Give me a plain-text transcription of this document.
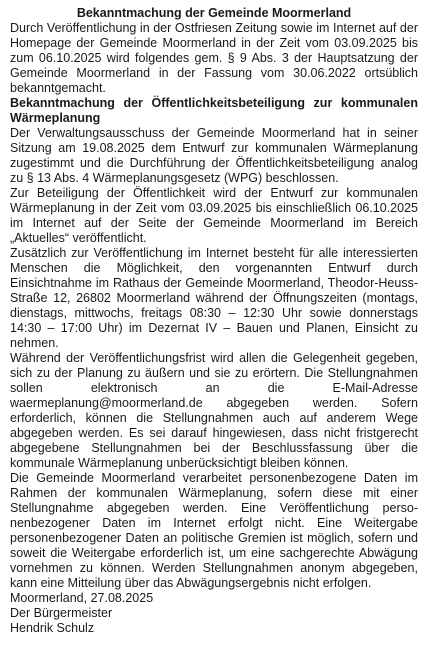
Bekanntmachung der Gemeinde Moormerland

Durch Veröffentlichung in der Ostfriesen Zeitung sowie im Internet auf der Homepage der Gemeinde Moormerland in der Zeit vom 03.09.2025 bis zum 06.10.2025 wird folgendes gem. § 9 Abs. 3 der Hauptsatzung der Gemeinde Moormerland in der Fassung vom 30.06.2022 ortsüblich bekanntgemacht.

Bekanntmachung der Öffentlichkeitsbeteiligung zur kommunalen Wärmeplanung

Der Verwaltungsausschuss der Gemeinde Moormerland hat in seiner Sitzung am 19.08.2025 dem Entwurf zur kommunalen Wärmeplanung zugestimmt und die Durchführung der Öffentlichkeitsbeteiligung analog zu § 13 Abs. 4 Wärmeplanungsgesetz (WPG) beschlossen.

Zur Beteiligung der Öffentlichkeit wird der Entwurf zur kommunalen Wärmeplanung in der Zeit vom 03.09.2025 bis einschließlich 06.10.2025 im Internet auf der Seite der Gemeinde Moormerland im Bereich „Aktuelles“ veröffentlicht.

Zusätzlich zur Veröffentlichung im Internet besteht für alle interessierten Menschen die Möglichkeit, den vorgenannten Entwurf durch Einsichtnahme im Rathaus der Gemeinde Moormerland, Theodor-Heuss-Straße 12, 26802 Moormerland während der Öffnungszeiten (montags, dienstags, mittwochs, freitags 08:30 – 12:30 Uhr sowie donnerstags 14:30 – 17:00 Uhr) im Dezernat IV – Bauen und Planen, Einsicht zu nehmen.

Während der Veröffentlichungsfrist wird allen die Gelegenheit gegeben, sich zu der Planung zu äußern und sie zu erörtern. Die Stellungnahmen sollen elektronisch an die E-Mail-Adresse waermeplanung@moormerland.de abgegeben werden. Sofern erforderlich, können die Stellungnahmen auch auf anderem Wege abgegeben werden. Es sei darauf hingewiesen, dass nicht fristgerecht abgegebene Stellungnahmen bei der Beschlussfassung über die kommunale Wärmeplanung unberücksichtigt bleiben können.

Die Gemeinde Moormerland verarbeitet personenbezogene Daten im Rahmen der kommunalen Wärmeplanung, sofern diese mit einer Stellungnahme abgegeben werden. Eine Veröffentlichung personenbezogener Daten im Internet erfolgt nicht. Eine Weitergabe personenbezogener Daten an politische Gremien ist möglich, sofern und soweit die Weitergabe erforderlich ist, um eine sachgerechte Abwägung vornehmen zu können. Werden Stellungnahmen anonym abgegeben, kann eine Mitteilung über das Abwägungsergebnis nicht erfolgen.

Moormerland, 27.08.2025

Der Bürgermeister

Hendrik Schulz
